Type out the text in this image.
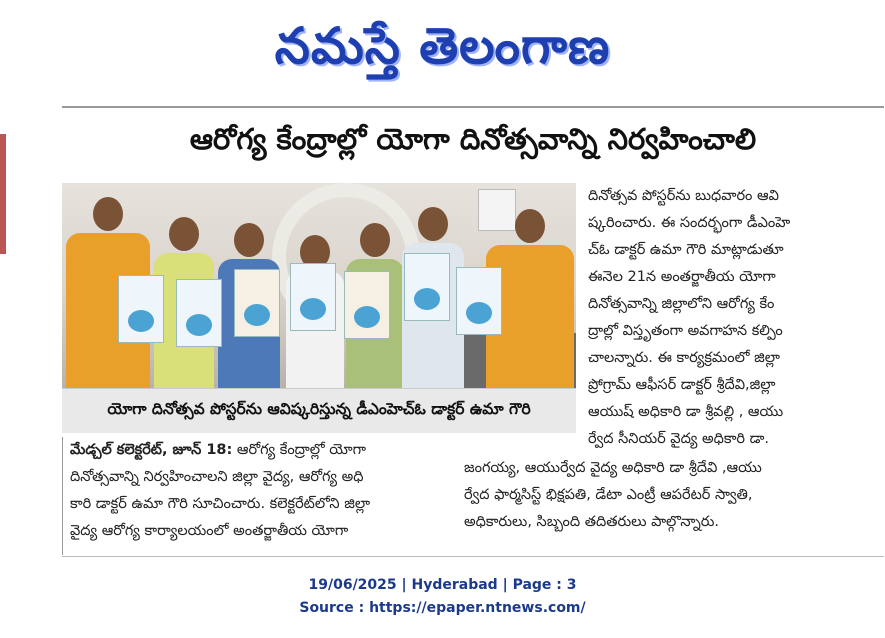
నమస్తే తెలంగాణ
ఆరోగ్య కేంద్రాల్లో యోగా దినోత్సవాన్ని నిర్వహించాలి
యోగా దినోత్సవ పోస్టర్‌ను ఆవిష్కరిస్తున్న డీఎంహెచ్‌ఓ డాక్టర్ ఉమా గౌరి

దినోత్సవ పోస్టర్‌ను బుధవారం ఆవి

ష్కరించారు. ఈ సందర్భంగా డీఎంహె

చ్‌ఓ డాక్టర్ ఉమా గౌరి మాట్లాడుతూ

ఈనెల 21న అంతర్జాతీయ యోగా

దినోత్సవాన్ని జిల్లాలోని ఆరోగ్య కేం

ద్రాల్లో విస్తృతంగా అవగాహన కల్పిం

చాలన్నారు. ఈ కార్యక్రమంలో జిల్లా

ప్రోగ్రామ్ ఆఫీసర్ డాక్టర్ శ్రీదేవి,జిల్లా

ఆయుష్ అధికారి డా శ్రీవల్లి , ఆయు

ర్వేద సీనియర్ వైద్య అధికారి డా.

మేడ్చల్ కలెక్టరేట్, జూన్ 18: ఆరోగ్య కేంద్రాల్లో యోగా

దినోత్సవాన్ని నిర్వహించాలని జిల్లా వైద్య, ఆరోగ్య అధి

కారి డాక్టర్ ఉమా గౌరి సూచించారు. కలెక్టరేట్‌లోని జిల్లా

వైద్య ఆరోగ్య కార్యాలయంలో అంతర్జాతీయ యోగా

జంగయ్య, ఆయుర్వేద వైద్య అధికారి డా శ్రీదేవి ,ఆయు

ర్వేద ఫార్మసిస్ట్ భిక్షపతి, డేటా ఎంట్రీ ఆపరేటర్ స్వాతి,

అధికారులు, సిబ్బంది తదితరులు పాల్గొన్నారు.

19/06/2025 | Hyderabad | Page : 3
Source : https://epaper.ntnews.com/
